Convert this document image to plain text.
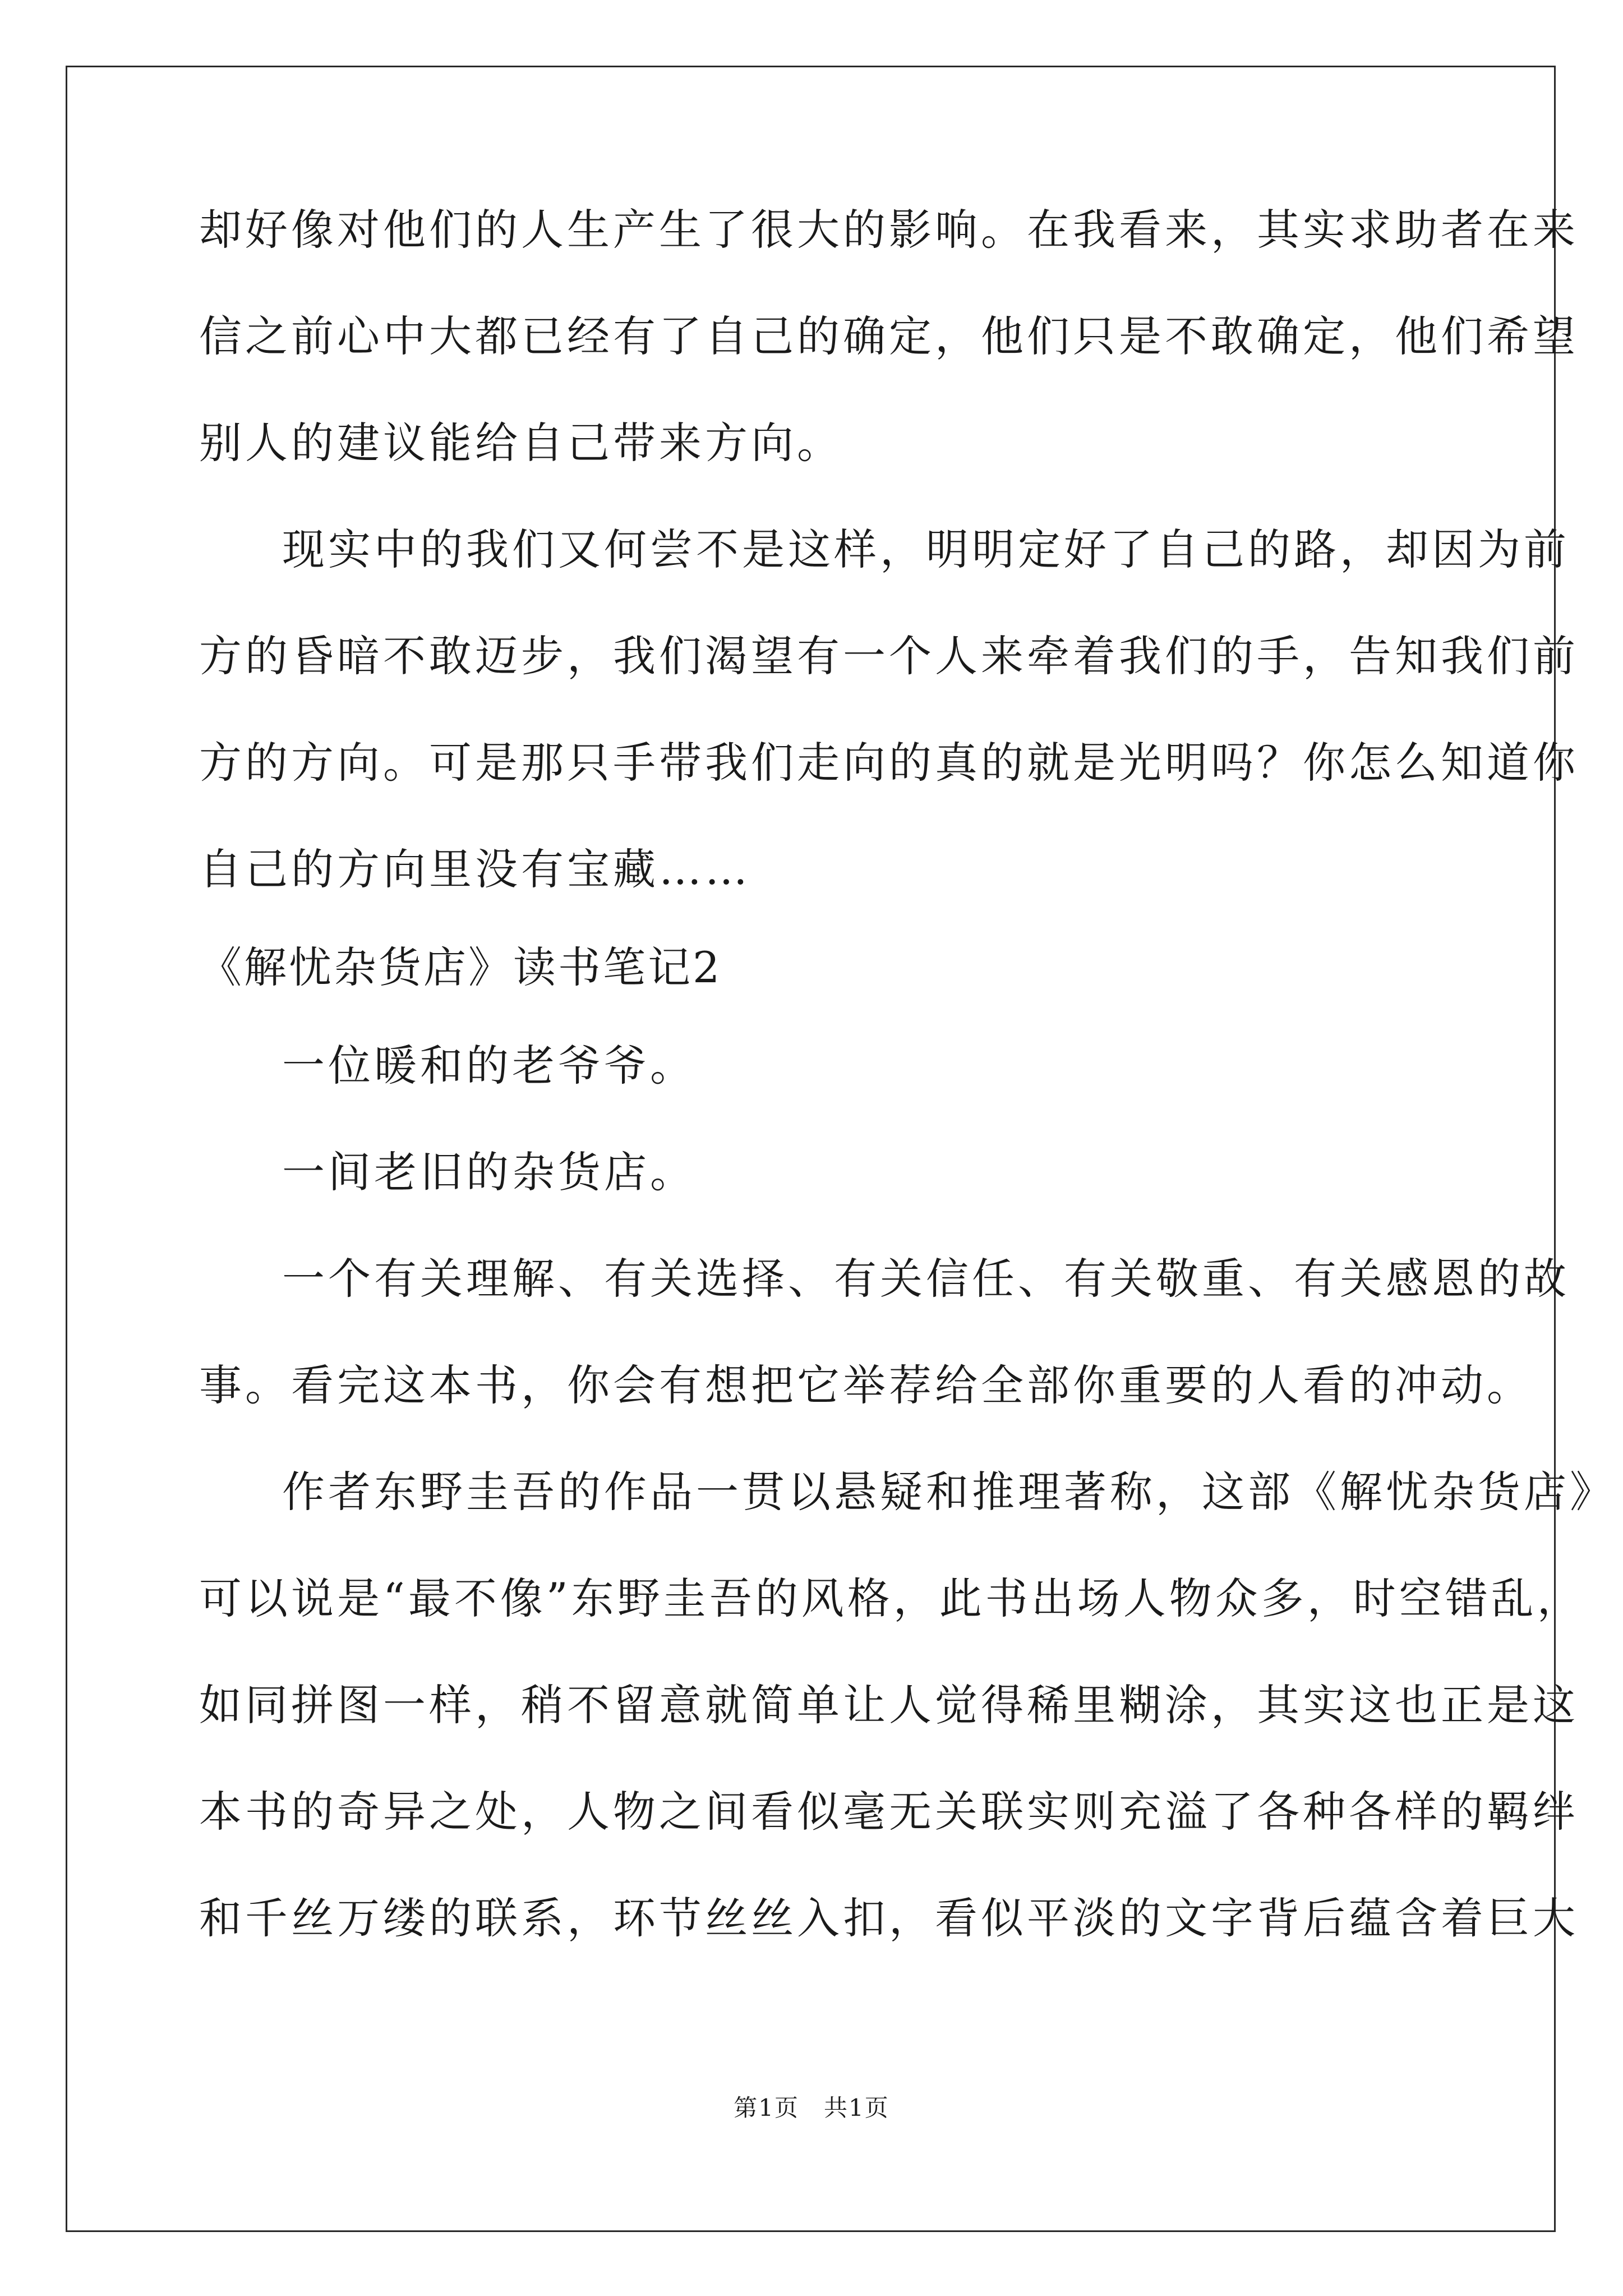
却好像对他们的人生产生了很大的影响。在我看来，其实求助者在来
信之前心中大都已经有了自己的确定，他们只是不敢确定，他们希望
别人的建议能给自己带来方向。
现实中的我们又何尝不是这样，明明定好了自己的路，却因为前
方的昏暗不敢迈步，我们渴望有一个人来牵着我们的手，告知我们前
方的方向。可是那只手带我们走向的真的就是光明吗？你怎么知道你
自己的方向里没有宝藏……
《解忧杂货店》读书笔记2
一位暖和的老爷爷。
一间老旧的杂货店。
一个有关理解、有关选择、有关信任、有关敬重、有关感恩的故
事。看完这本书，你会有想把它举荐给全部你重要的人看的冲动。
作者东野圭吾的作品一贯以悬疑和推理著称，这部《解忧杂货店》
可以说是“最不像”东野圭吾的风格，此书出场人物众多，时空错乱，
如同拼图一样，稍不留意就简单让人觉得稀里糊涂，其实这也正是这
本书的奇异之处，人物之间看似毫无关联实则充溢了各种各样的羁绊
和千丝万缕的联系，环节丝丝入扣，看似平淡的文字背后蕴含着巨大
第1页　共1页
